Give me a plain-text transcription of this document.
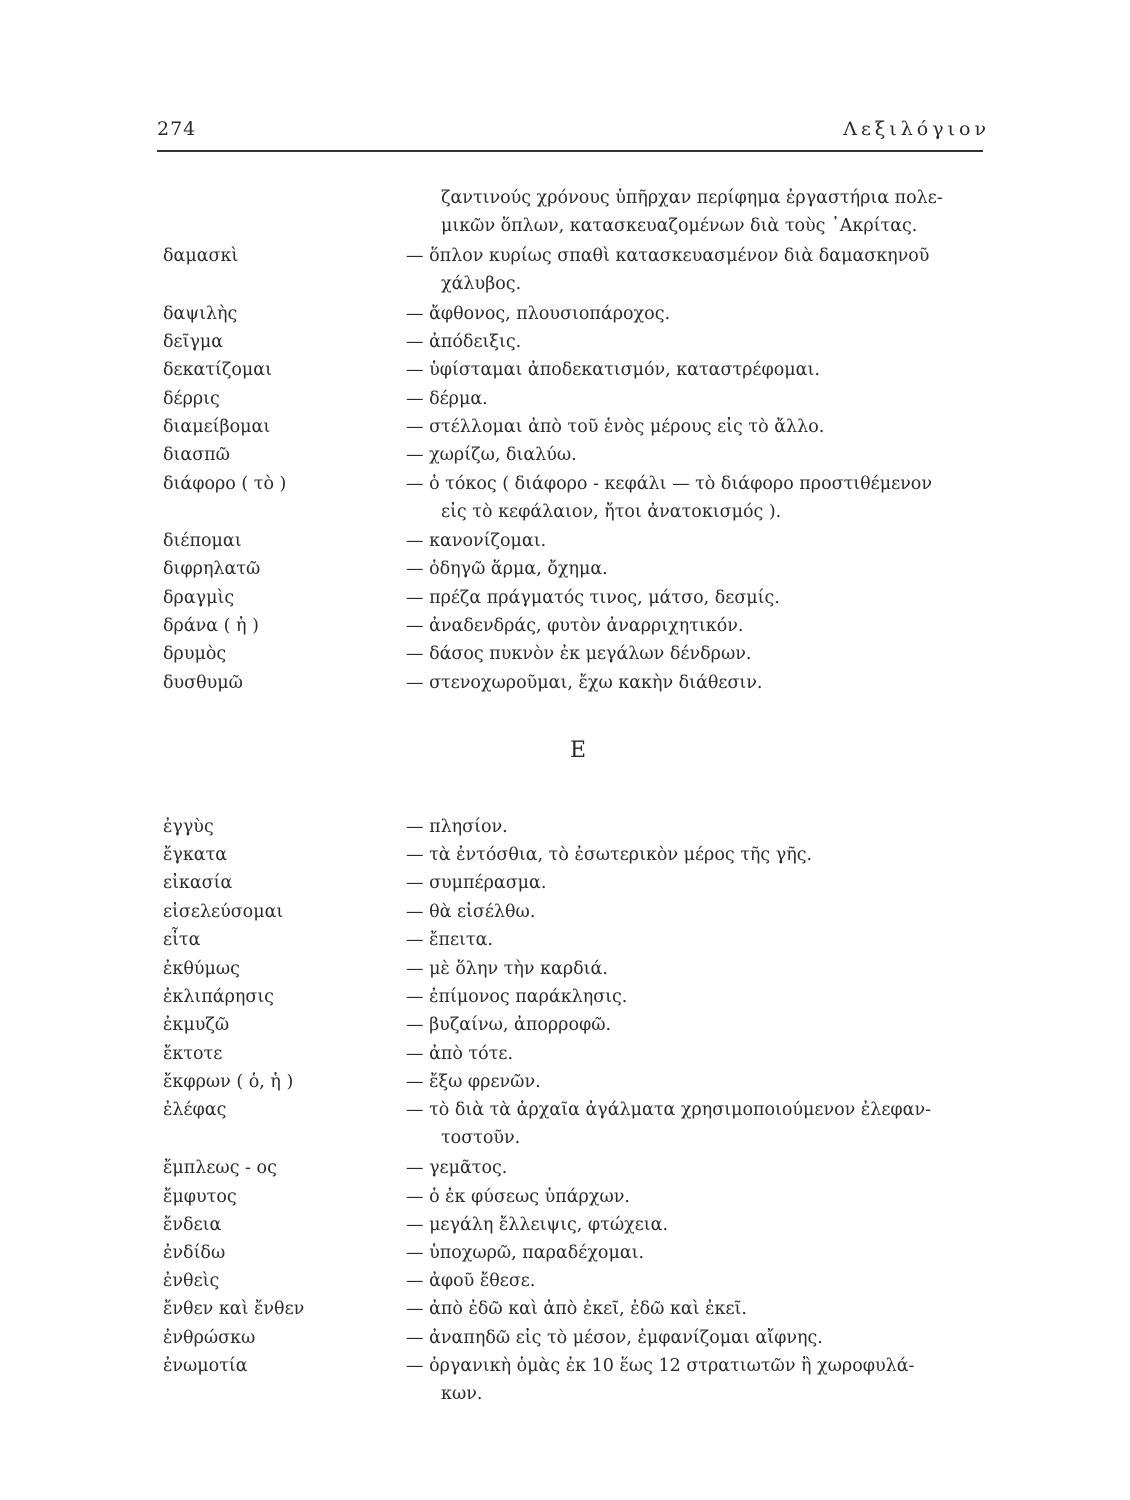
274	Λεξιλόγιον
ζαντινούς χρόνους ὑπῆρχαν περίφημα ἐργαστήρια πολε-
μικῶν ὅπλων, κατασκευαζομένων διὰ τοὺς ᾿Ακρίτας.
δαμασκὶ	— ὅπλον κυρίως σπαθὶ κατασκευασμένον διὰ δαμασκηνοῦ
χάλυβος.
δαψιλὴς	— ἄφθονος, πλουσιοπάροχος.
δεῖγμα	— ἀπόδειξις.
δεκατίζομαι	— ὑφίσταμαι ἀποδεκατισμόν, καταστρέφομαι.
δέρρις	— δέρμα.
διαμείβομαι	— στέλλομαι ἀπὸ τοῦ ἑνὸς μέρους εἰς τὸ ἄλλο.
διασπῶ	— χωρίζω, διαλύω.
διάφορο ( τὸ )	— ὁ τόκος ( διάφορο - κεφάλι — τὸ διάφορο προστιθέμενον
εἰς τὸ κεφάλαιον, ἤτοι ἀνατοκισμός ).
διέπομαι	— κανονίζομαι.
διφρηλατῶ	— ὁδηγῶ ἅρμα, ὄχημα.
δραγμὶς	— πρέζα πράγματός τινος, μάτσο, δεσμίς.
δράνα ( ἡ )	— ἀναδενδράς, φυτὸν ἀναρριχητικόν.
δρυμὸς	— δάσος πυκνὸν ἐκ μεγάλων δένδρων.
δυσθυμῶ	— στενοχωροῦμαι, ἔχω κακὴν διάθεσιν.
ἐγγὺς	— πλησίον.
ἔγκατα	— τὰ ἐντόσθια, τὸ ἐσωτερικὸν μέρος τῆς γῆς.
εἰκασία	— συμπέρασμα.
εἰσελεύσομαι	— θὰ εἰσέλθω.
εἶτα	— ἔπειτα.
ἐκθύμως	— μὲ ὅλην τὴν καρδιά.
ἐκλιπάρησις	— ἐπίμονος παράκλησις.
ἐκμυζῶ	— βυζαίνω, ἀπορροφῶ.
ἔκτοτε	— ἀπὸ τότε.
ἔκφρων ( ὁ, ἡ )	— ἔξω φρενῶν.
ἐλέφας	— τὸ διὰ τὰ ἀρχαῖα ἀγάλματα χρησιμοποιούμενον ἐλεφαν-
τοστοῦν.
ἔμπλεως - ος	— γεμᾶτος.
ἔμφυτος	— ὁ ἐκ φύσεως ὑπάρχων.
ἔνδεια	— μεγάλη ἔλλειψις, φτώχεια.
ἐνδίδω	— ὑποχωρῶ, παραδέχομαι.
ἐνθεὶς	— ἀφοῦ ἔθεσε.
ἔνθεν καὶ ἔνθεν	— ἀπὸ ἐδῶ καὶ ἀπὸ ἐκεῖ, ἐδῶ καὶ ἐκεῖ.
ἐνθρώσκω	— ἀναπηδῶ εἰς τὸ μέσον, ἐμφανίζομαι αἴφνης.
ἐνωμοτία	— ὀργανικὴ ὁμὰς ἐκ 10 ἕως 12 στρατιωτῶν ἢ χωροφυλά-
κων.
Ε
